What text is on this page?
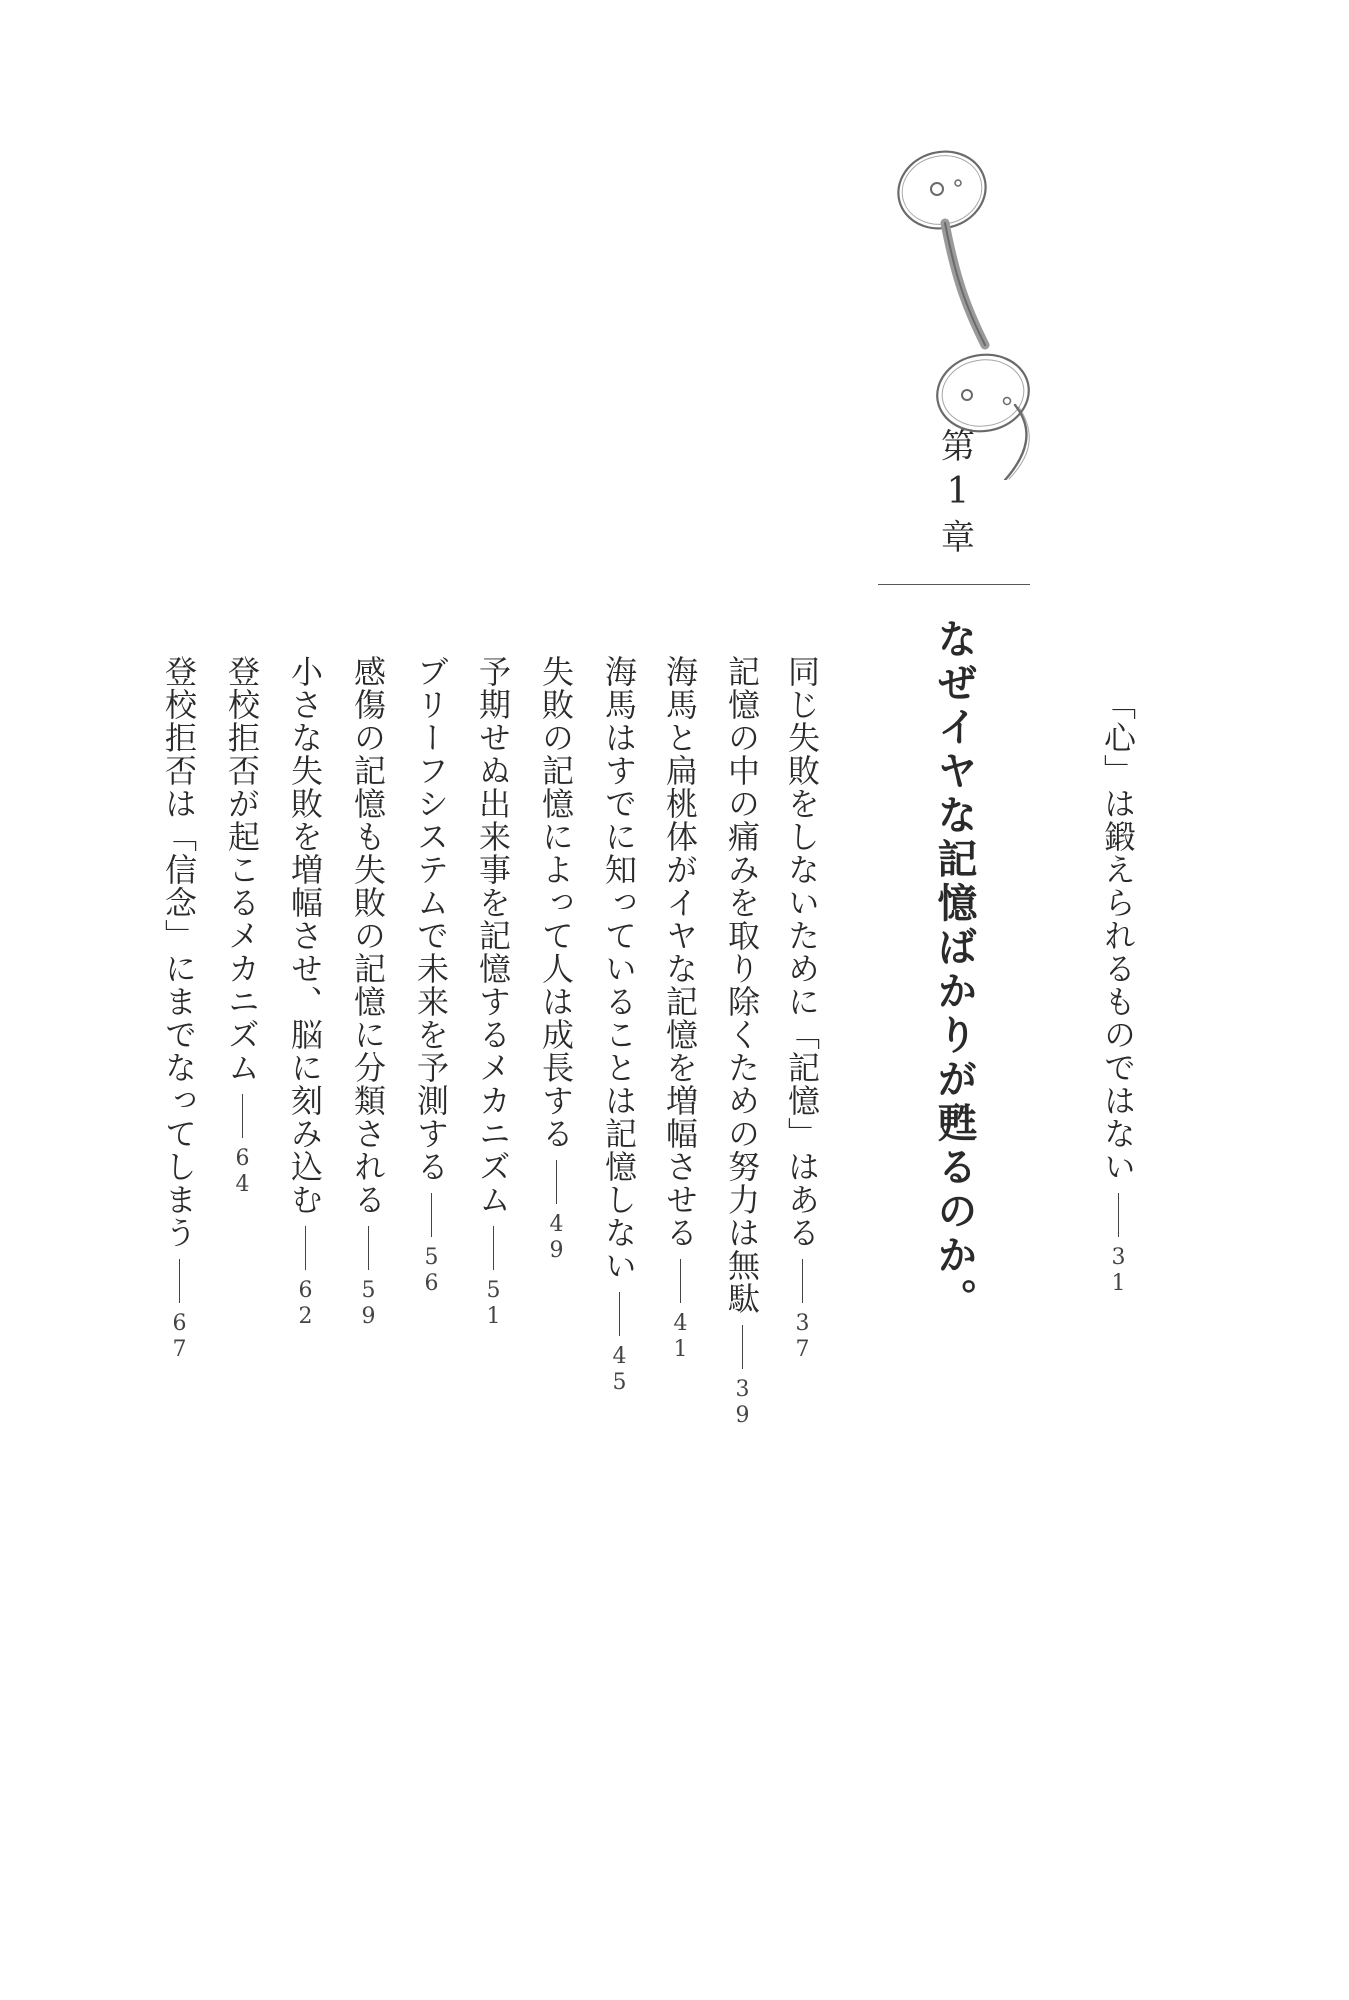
第
1
章
なぜイヤな記憶ばかりが甦るのか。	「心」は鍛えられるものではない31
同じ失敗をしないために「記憶」はある37
記憶の中の痛みを取り除くための努力は無駄39
海馬と扁桃体がイヤな記憶を増幅させる41
海馬はすでに知っていることは記憶しない45
失敗の記憶によって人は成長する49
予期せぬ出来事を記憶するメカニズム51
ブリーフシステムで未来を予測する56
感傷の記憶も失敗の記憶に分類される59
小さな失敗を増幅させ、脳に刻み込む62
登校拒否が起こるメカニズム64
登校拒否は「信念」にまでなってしまう67
